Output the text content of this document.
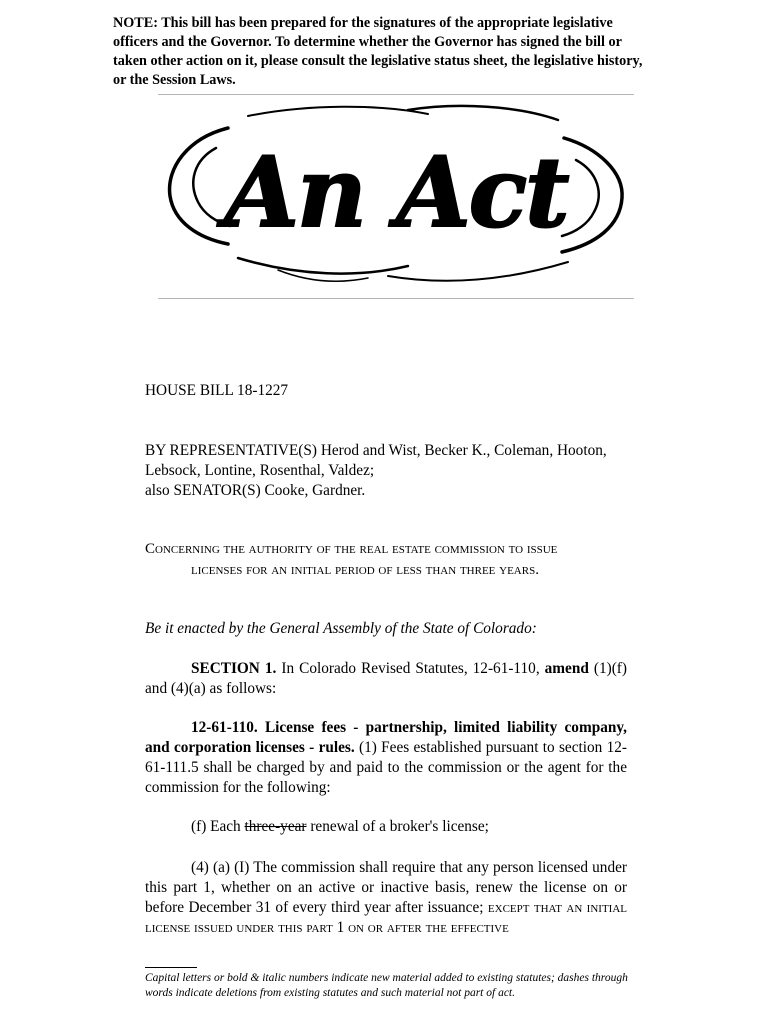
NOTE: This bill has been prepared for the signatures of the appropriate legislative officers and the Governor. To determine whether the Governor has signed the bill or taken other action on it, please consult the legislative status sheet, the legislative history, or the Session Laws.
An Act
HOUSE BILL 18-1227
BY REPRESENTATIVE(S) Herod and Wist, Becker K., Coleman, Hooton,
Lebsock, Lontine, Rosenthal, Valdez;
also SENATOR(S) Cooke, Gardner.
Concerning the authority of the real estate commission to issue
licenses for an initial period of less than three years.
Be it enacted by the General Assembly of the State of Colorado:
SECTION 1. In Colorado Revised Statutes, 12-61-110, amend (1)(f) and (4)(a) as follows:
12-61-110. License fees - partnership, limited liability company, and corporation licenses - rules. (1) Fees established pursuant to section 12-61-111.5 shall be charged by and paid to the commission or the agent for the commission for the following:
(f) Each three-year renewal of a broker's license;
(4) (a) (I) The commission shall require that any person licensed under this part 1, whether on an active or inactive basis, renew the license on or before December 31 of every third year after issuance; except that an initial license issued under this part 1 on or after the effective
Capital letters or bold & italic numbers indicate new material added to existing statutes; dashes through words indicate deletions from existing statutes and such material not part of act.
